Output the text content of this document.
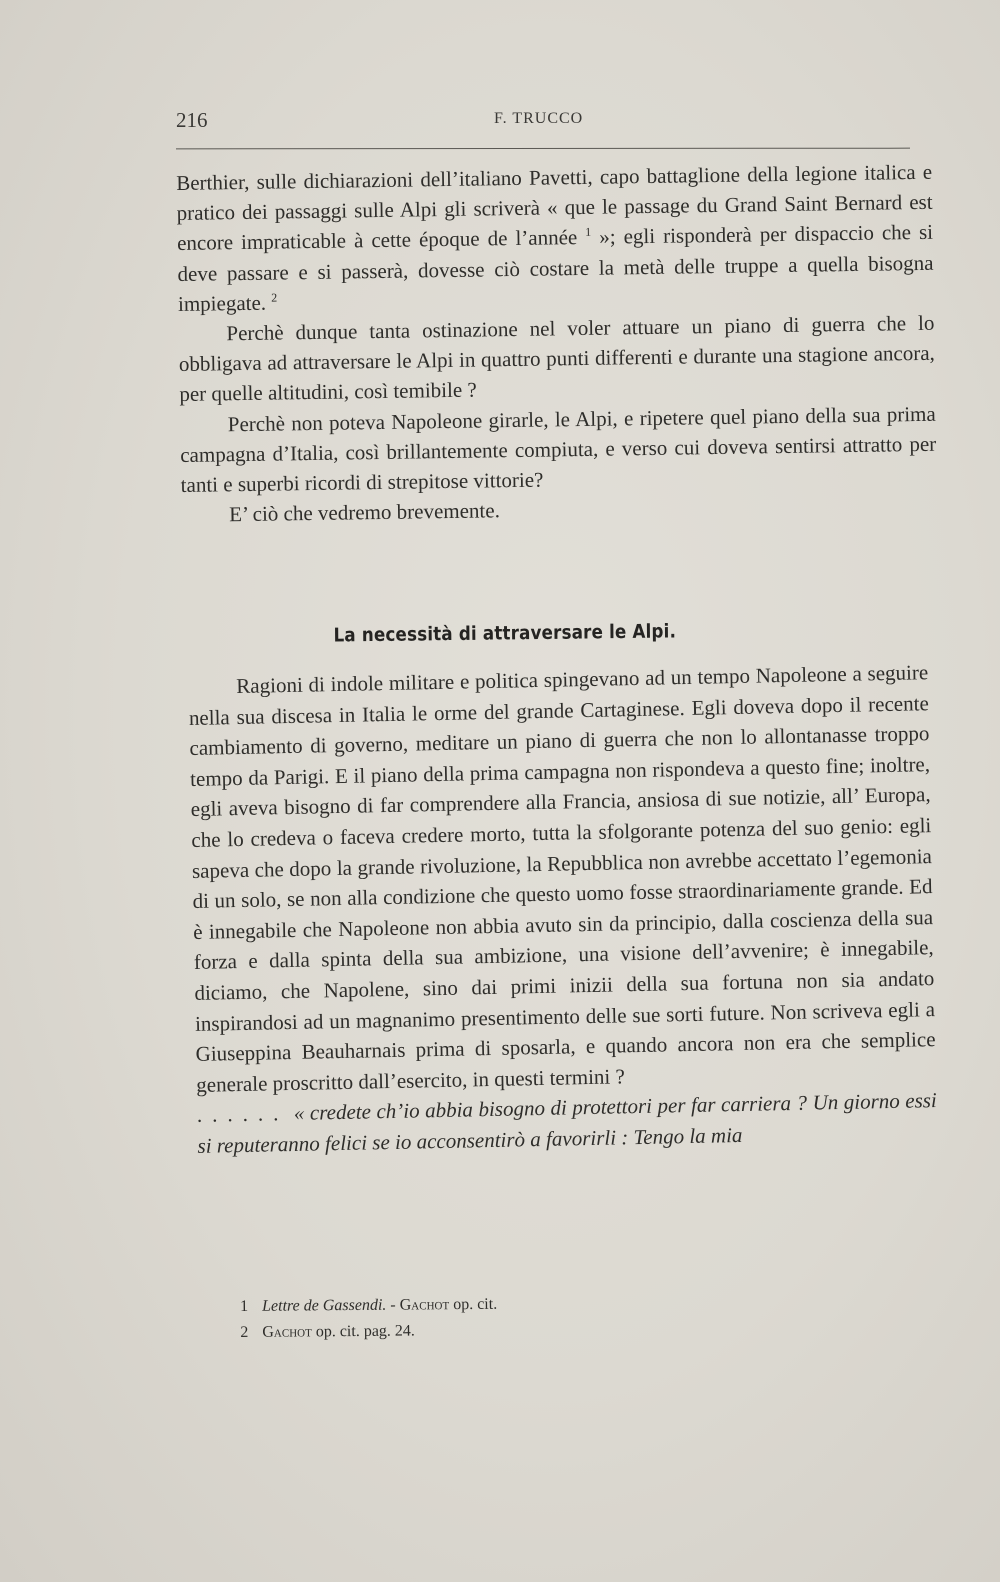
216	F. TRUCCO

Berthier, sulle dichiarazioni dell’italiano Pavetti, capo battaglione della legione italica e pratico dei passaggi sulle Alpi gli scriverà « que le passage du Grand Saint Bernard est encore impraticable à cette époque de l’année $^1$ »; egli risponderà per dispaccio che si deve passare e si passerà, dovesse ciò costare la metà delle truppe a quella bisogna impiegate. $^2$

Perchè dunque tanta ostinazione nel voler attuare un piano di guerra che lo obbligava ad attraversare le Alpi in quattro punti differenti e durante una stagione ancora, per quelle altitudini, così temibile ?

Perchè non poteva Napoleone girarle, le Alpi, e ripetere quel piano della sua prima campagna d’Italia, così brillantemente compiuta, e verso cui doveva sentirsi attratto per tanti e superbi ricordi di strepitose vittorie?

E’ ciò che vedremo brevemente.

La necessità di attraversare le Alpi.

Ragioni di indole militare e politica spingevano ad un tempo Napoleone a seguire nella sua discesa in Italia le orme del grande Cartaginese. Egli doveva dopo il recente cambiamento di governo, meditare un piano di guerra che non lo allontanasse troppo tempo da Parigi. E il piano della prima campagna non rispondeva a questo fine; inoltre, egli aveva bisogno di far comprendere alla Francia, ansiosa di sue notizie, all’ Europa, che lo credeva o faceva credere morto, tutta la sfolgorante potenza del suo genio: egli sapeva che dopo la grande rivoluzione, la Repubblica non avrebbe accettato l’egemonia di un solo, se non alla condizione che questo uomo fosse straordinariamente grande. Ed è innegabile che Napoleone non abbia avuto sin da principio, dalla coscienza della sua forza e dalla spinta della sua ambizione, una visione dell’avvenire; è innegabile, diciamo, che Napolene, sino dai primi inizii della sua fortuna non sia andato inspirandosi ad un magnanimo presentimento delle sue sorti future. Non scriveva egli a Giuseppina Beauharnais prima di sposarla, e quando ancora non era che semplice generale proscritto dall’esercito, in questi termini ?

...... « credete ch’io abbia bisogno di protettori per far carriera ? Un giorno essi si reputeranno felici se io acconsentirò a favorirli : Tengo la mia

1 Lettre de Gassendi. - Gachot op. cit.
2 Gachot op. cit. pag. 24.
